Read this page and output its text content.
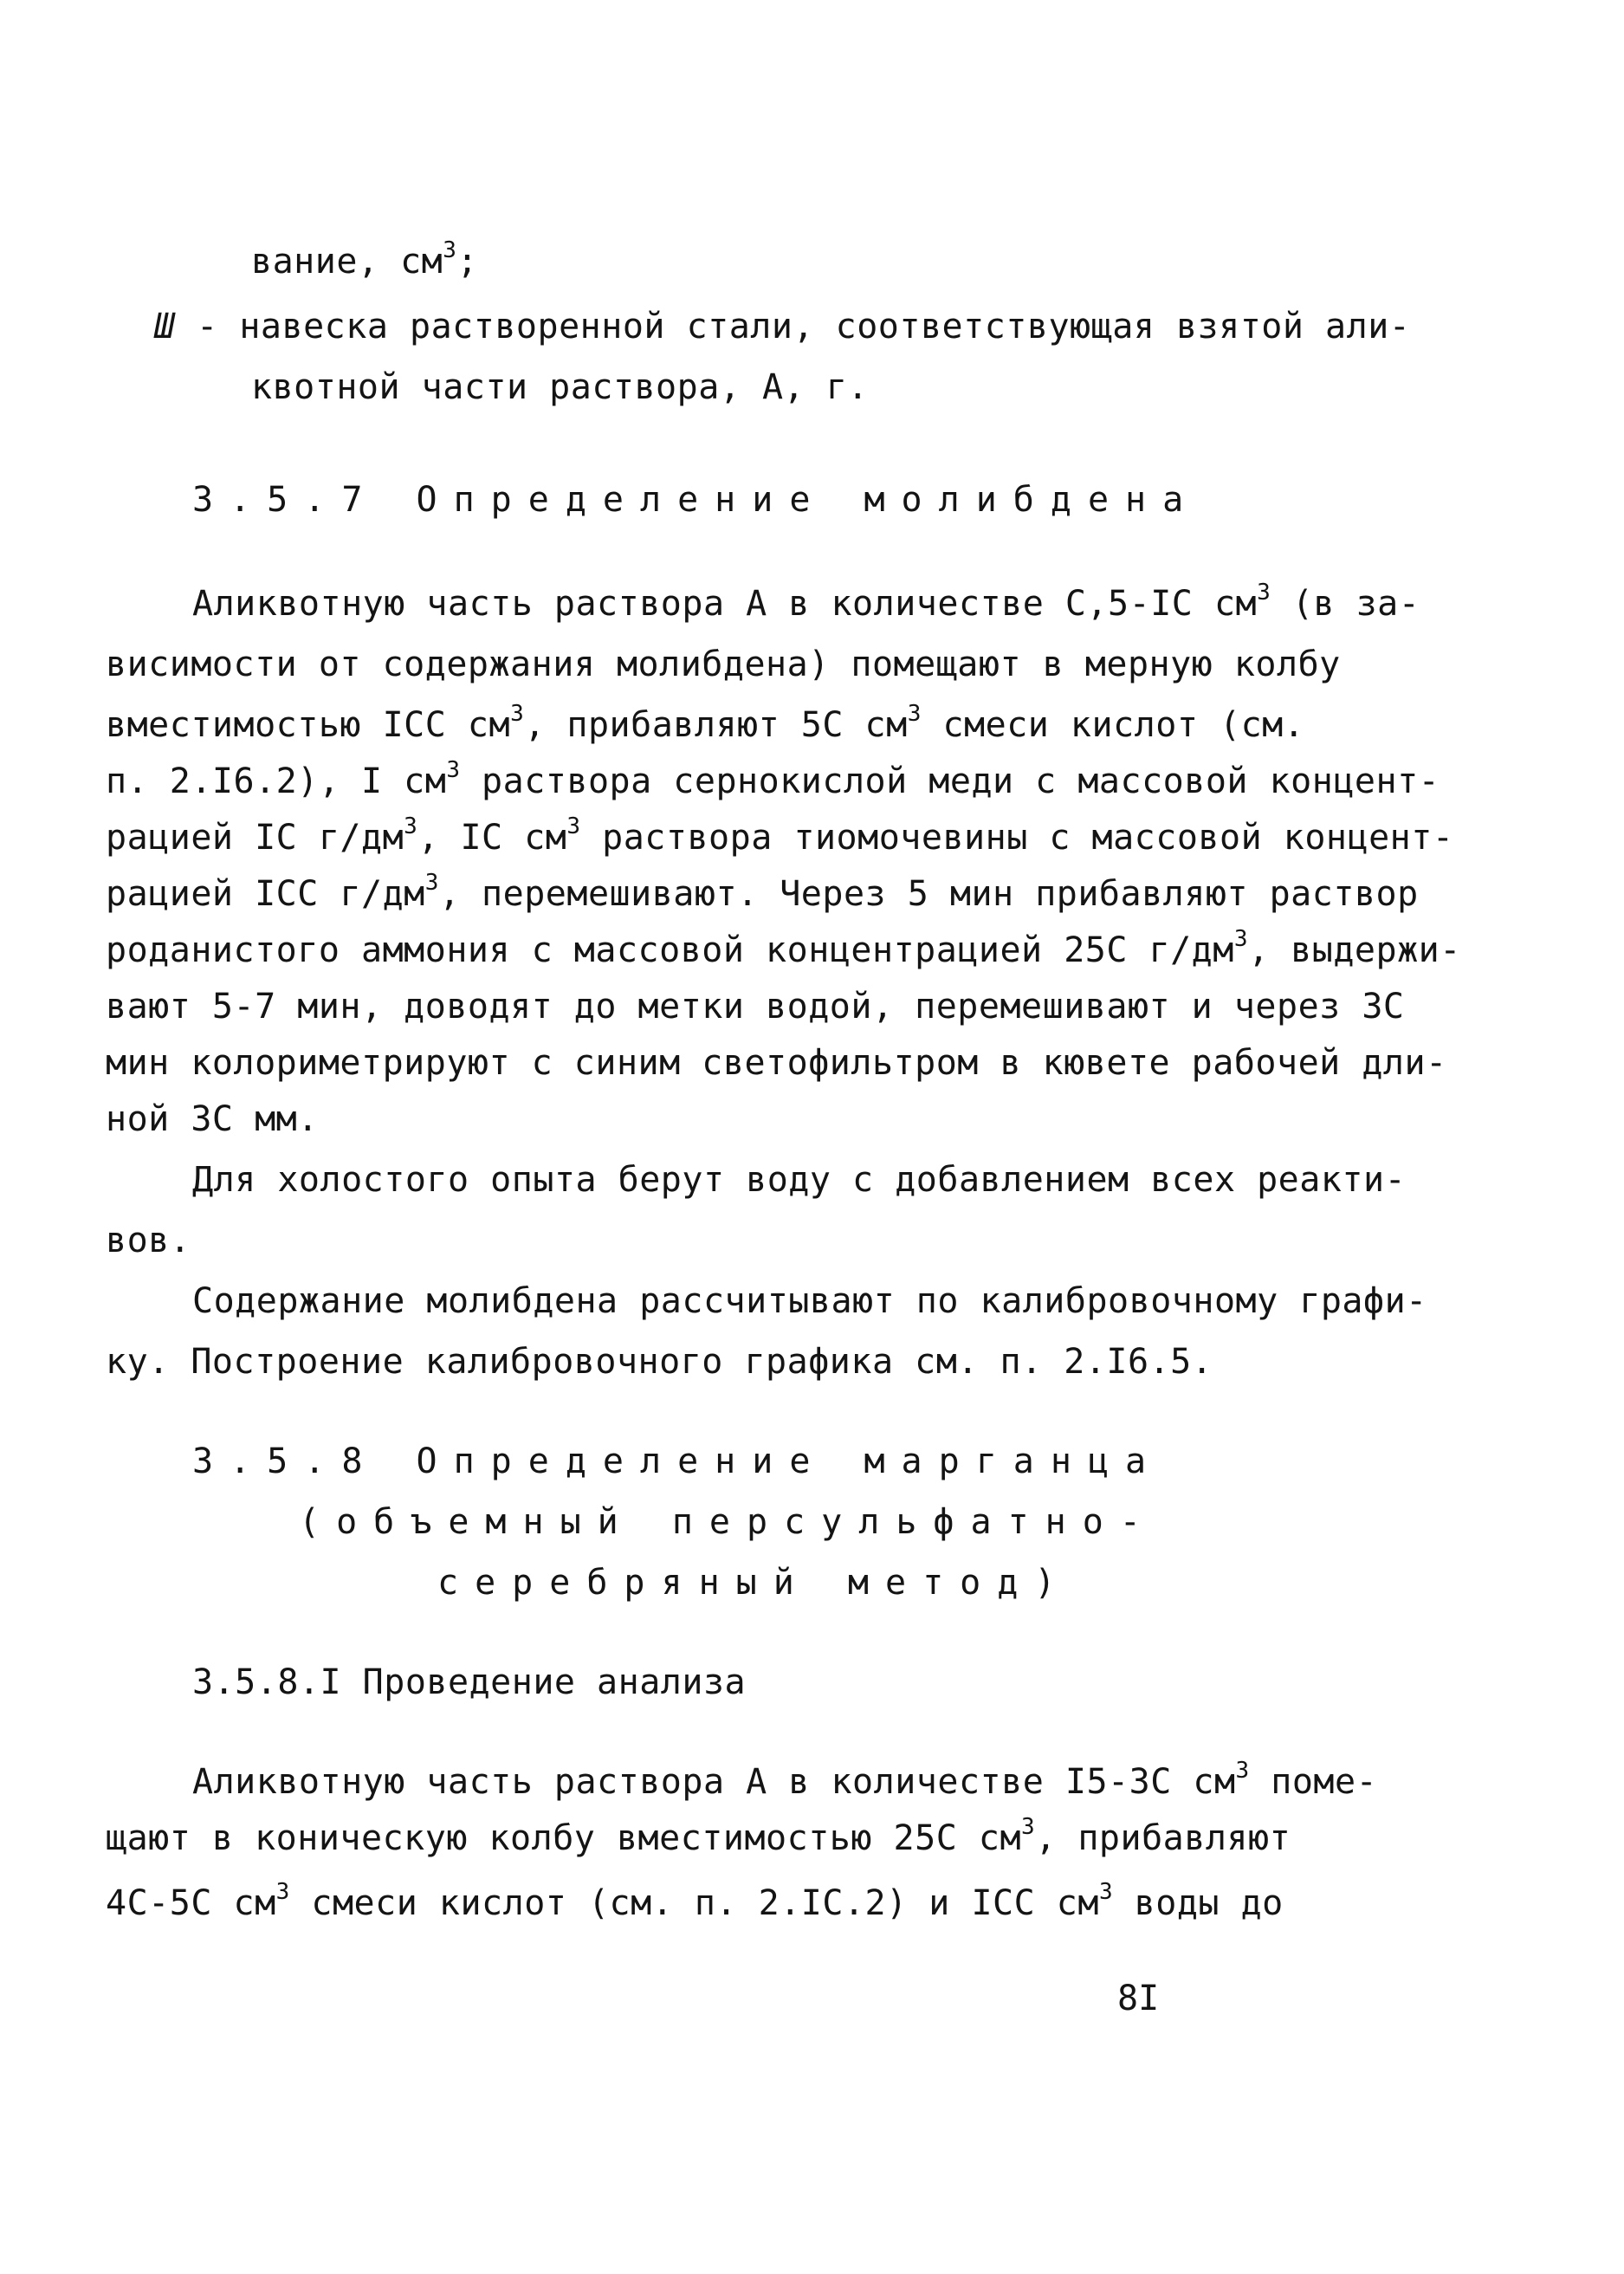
вание, $см^3$;
Ш - навеска растворенной стали, соответствующая взятой али-
квотной части раствора, А, г.
3.5.7 Определение молибдена
Аликвотную часть раствора А в количестве С,5-IC $см^3$ (в за-
висимости от содержания молибдена) помещают в мерную колбу
вместимостью ICC $см^3$, прибавляют 5С $см^3$ смеси кислот (см.
п. 2.I6.2), I $см^3$ раствора сернокислой меди с массовой концент-
рацией IС $г/дм^3$, IC $см^3$ раствора тиомочевины с массовой концент-
рацией ICC $г/дм^3$, перемешивают. Через 5 мин прибавляют раствор
роданистого аммония с массовой концентрацией 25С $г/дм^3$, выдержи-
вают 5-7 мин, доводят до метки водой, перемешивают и через 3С
мин колориметрируют с синим светофильтром в кювете рабочей дли-
ной 3С мм.
Для холостого опыта берут воду с добавлением всех реакти-
вов.
Содержание молибдена рассчитывают по калибровочному графи-
ку. Построение калибровочного графика см. п. 2.I6.5.
3.5.8 Определение марганца
(объемный персульфатно-
серебряный метод)
3.5.8.I Проведение анализа
Аликвотную часть раствора А в количестве I5-3С $см^3$ поме-
щают в коническую колбу вместимостью 25С $см^3$, прибавляют
4С-5С $см^3$ смеси кислот (см. п. 2.IС.2) и ICC $см^3$ воды до
8I
